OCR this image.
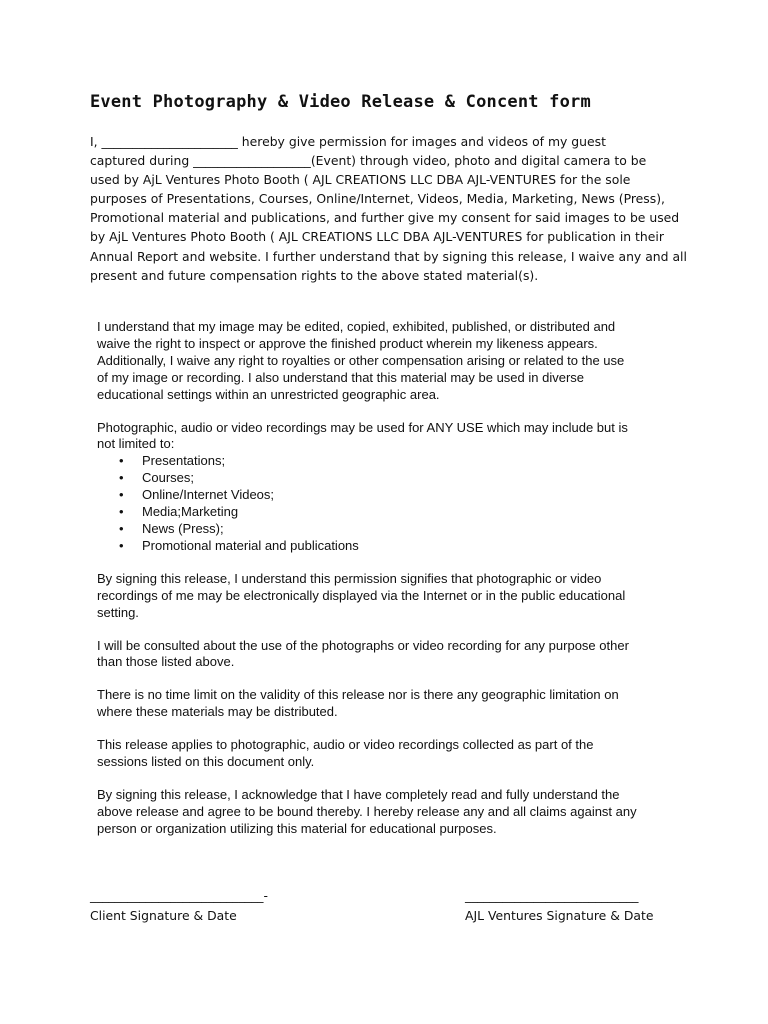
Event Photography & Video Release & Concent form

I, ______________________ hereby give permission for images and videos of my guest

captured during ___________________(Event) through video, photo and digital camera to be

used by AjL Ventures Photo Booth ( AJL CREATIONS LLC DBA AJL-VENTURES for the sole

purposes of Presentations, Courses, Online/Internet, Videos, Media, Marketing, News (Press),

Promotional material and publications, and further give my consent for said images to be used

by AjL Ventures Photo Booth ( AJL CREATIONS LLC DBA AJL-VENTURES for publication in their

Annual Report and website. I further understand that by signing this release, I waive any and all

present and future compensation rights to the above stated material(s).

I understand that my image may be edited, copied, exhibited, published, or distributed and

waive the right to inspect or approve the finished product wherein my likeness appears.

Additionally, I waive any right to royalties or other compensation arising or related to the use

of my image or recording. I also understand that this material may be used in diverse

educational settings within an unrestricted geographic area.

Photographic, audio or video recordings may be used for ANY USE which may include but is

not limited to:

• Presentations;
• Courses;
• Online/Internet Videos;
• Media;Marketing
• News (Press);
• Promotional material and publications

By signing this release, I understand this permission signifies that photographic or video

recordings of me may be electronically displayed via the Internet or in the public educational

setting.

I will be consulted about the use of the photographs or video recording for any purpose other

than those listed above.

There is no time limit on the validity of this release nor is there any geographic limitation on

where these materials may be distributed.

This release applies to photographic, audio or video recordings collected as part of the

sessions listed on this document only.

By signing this release, I acknowledge that I have completely read and fully understand the

above release and agree to be bound thereby. I hereby release any and all claims against any

person or organization utilizing this material for educational purposes.

____________________________-
Client Signature & Date
____________________________
AJL Ventures Signature & Date
